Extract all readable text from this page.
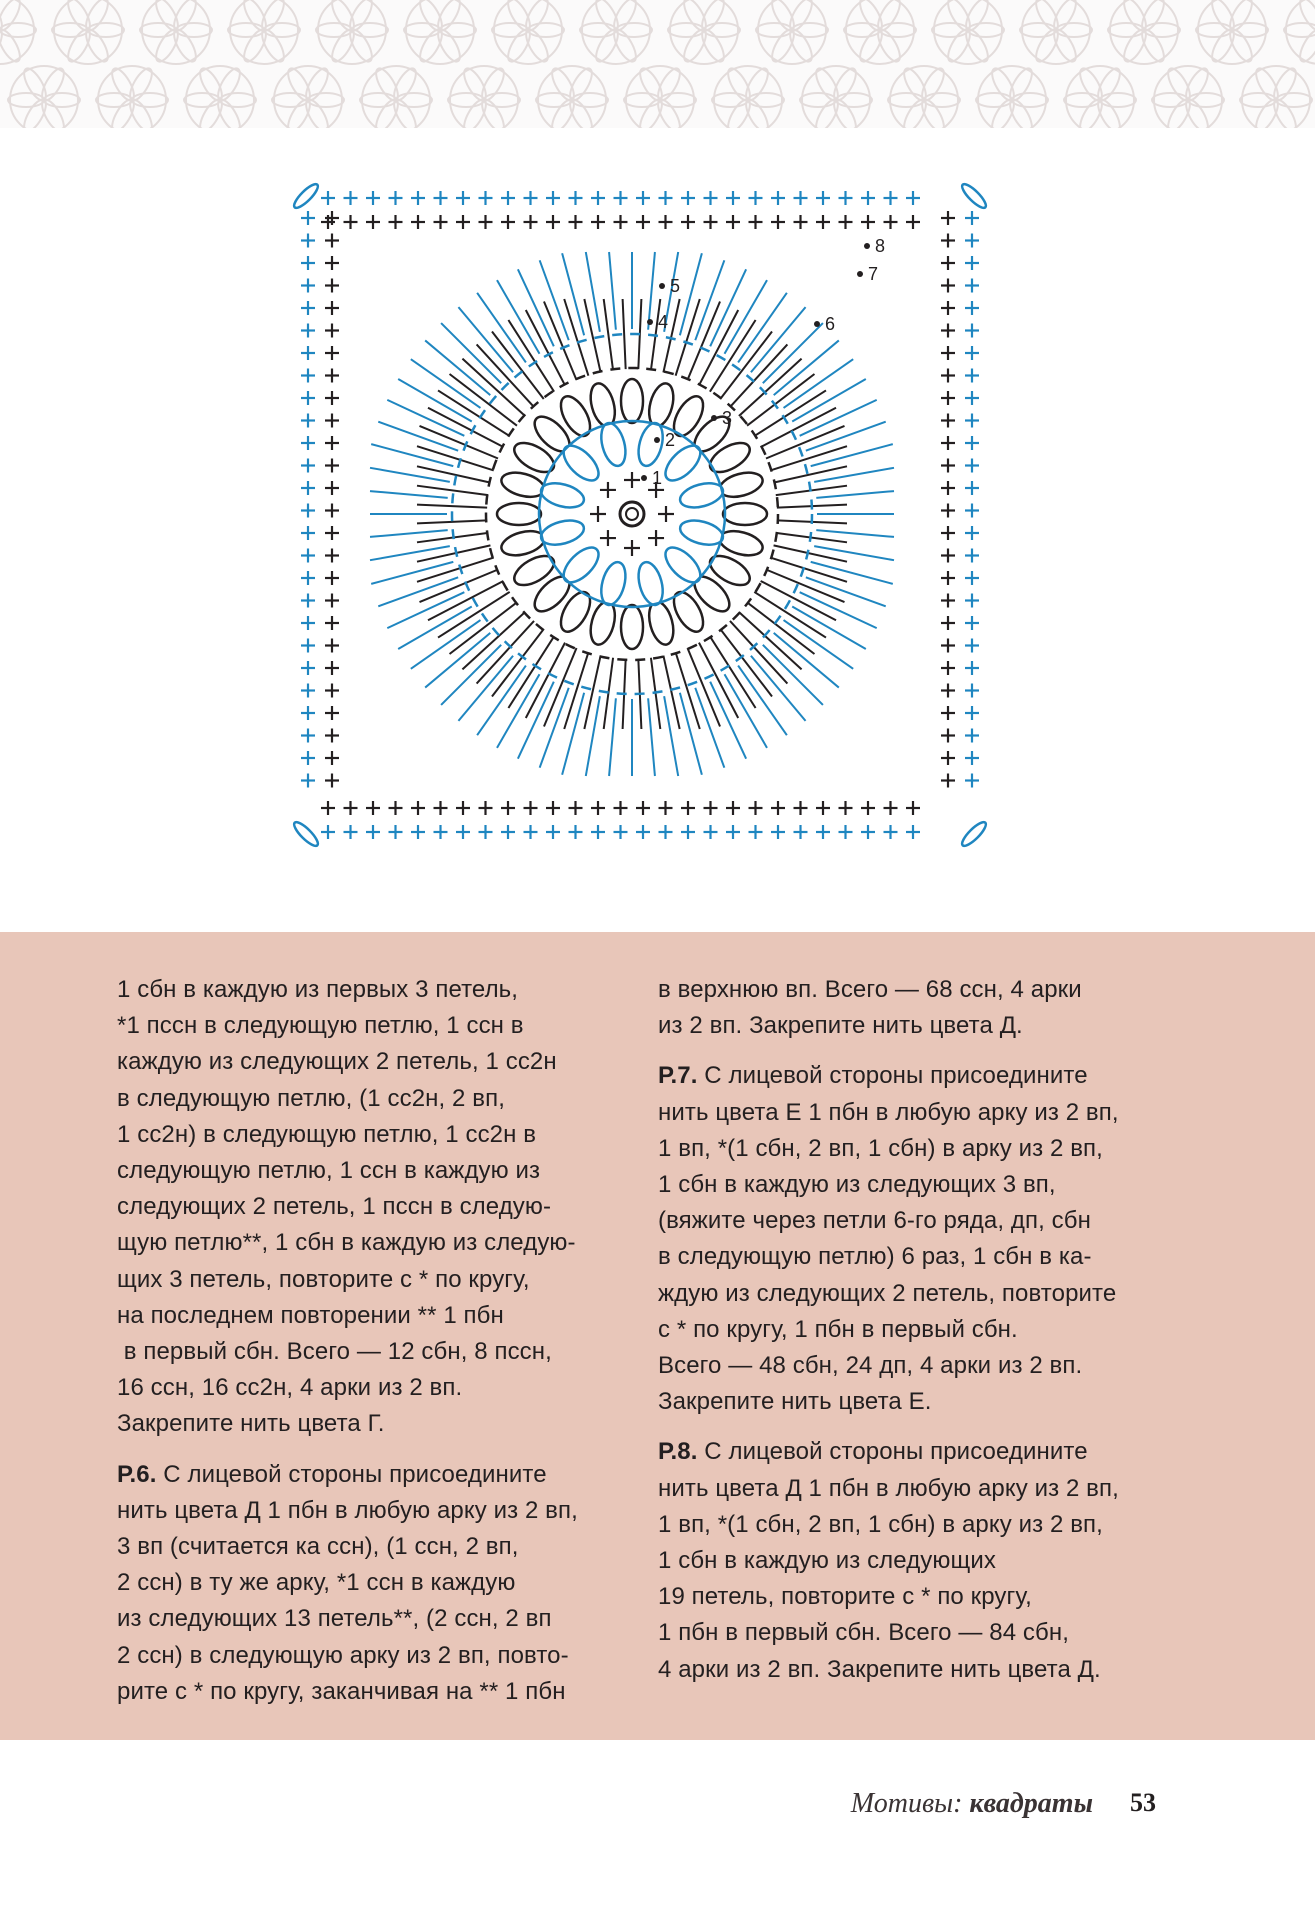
1
2
3
4
5
6
7
8
1 сбн в каждую из первых 3 петель,
*1 пссн в следующую петлю, 1 ссн в
каждую из следующих 2 петель, 1 сс2н
в следующую петлю, (1 сс2н, 2 вп,
1 сс2н) в следующую петлю, 1 сс2н в
следующую петлю, 1 ссн в каждую из
следующих 2 петель, 1 пссн в следую-
щую петлю**, 1 сбн в каждую из следую-
щих 3 петель, повторите с * по кругу,
на последнем повторении ** 1 пбн
в первый сбн. Всего — 12 сбн, 8 пссн,
16 ссн, 16 сс2н, 4 арки из 2 вп.
Закрепите нить цвета Г.
Р.6. С лицевой стороны присоедините
нить цвета Д 1 пбн в любую арку из 2 вп,
3 вп (считается ка ссн), (1 ссн, 2 вп,
2 ссн) в ту же арку, *1 ссн в каждую
из следующих 13 петель**, (2 ссн, 2 вп
2 ссн) в следующую арку из 2 вп, повто-
рите с * по кругу, заканчивая на ** 1 пбн
в верхнюю вп. Всего — 68 ссн, 4 арки
из 2 вп. Закрепите нить цвета Д.
Р.7. С лицевой стороны присоедините
нить цвета Е 1 пбн в любую арку из 2 вп,
1 вп, *(1 сбн, 2 вп, 1 сбн) в арку из 2 вп,
1 сбн в каждую из следующих 3 вп,
(вяжите через петли 6-го ряда, дп, сбн
в следующую петлю) 6 раз, 1 сбн в ка-
ждую из следующих 2 петель, повторите
с * по кругу, 1 пбн в первый сбн.
Всего — 48 сбн, 24 дп, 4 арки из 2 вп.
Закрепите нить цвета Е.
Р.8. С лицевой стороны присоедините
нить цвета Д 1 пбн в любую арку из 2 вп,
1 вп, *(1 сбн, 2 вп, 1 сбн) в арку из 2 вп,
1 сбн в каждую из следующих
19 петель, повторите с * по кругу,
1 пбн в первый сбн. Всего — 84 сбн,
4 арки из 2 вп. Закрепите нить цвета Д.
Мотивы: квадраты 53
